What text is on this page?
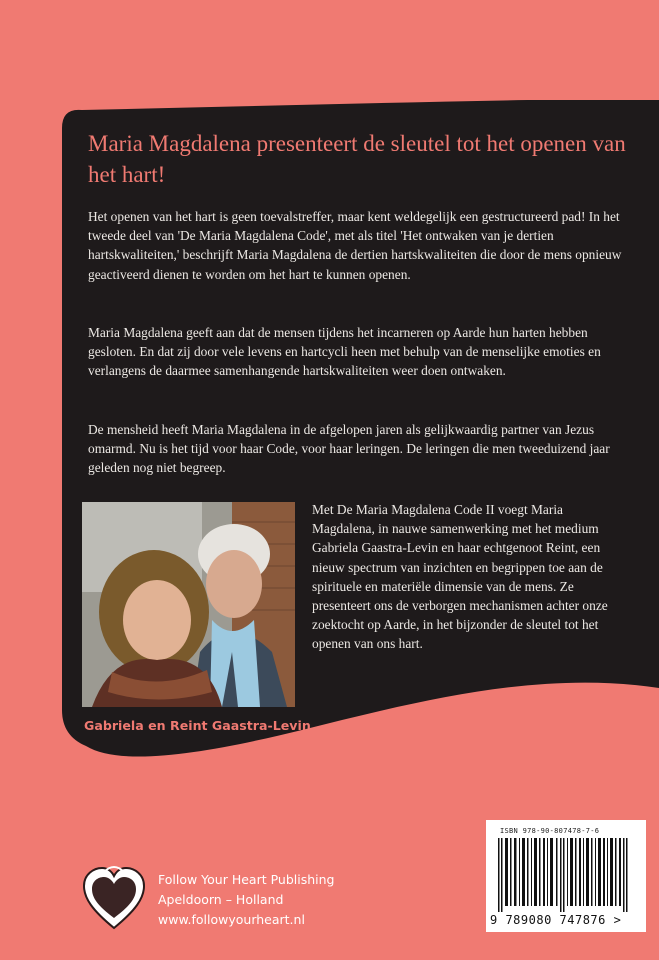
Maria Magdalena presenteert de sleutel tot het openen van het hart!

Het openen van het hart is geen toevalstreffer, maar kent weldegelijk een gestructureerd pad! In het tweede deel van 'De Maria Magdalena Code', met als titel 'Het ontwaken van je dertien hartskwaliteiten,' beschrijft Maria Magdalena de dertien hartskwaliteiten die door de mens opnieuw geactiveerd dienen te worden om het hart te kunnen openen.

Maria Magdalena geeft aan dat de mensen tijdens het incarneren op Aarde hun harten hebben gesloten. En dat zij door vele levens en hartcycli heen met behulp van de menselijke emoties en verlangens de daarmee samenhangende hartskwaliteiten weer doen ontwaken.

De mensheid heeft Maria Magdalena in de afgelopen jaren als gelijkwaardig partner van Jezus omarmd. Nu is het tijd voor haar Code, voor haar leringen. De leringen die men tweeduizend jaar geleden nog niet begreep.

Met De Maria Magdalena Code II voegt Maria Magdalena, in nauwe samenwerking met het medium Gabriela Gaastra-Levin en haar echtgenoot Reint, een nieuw spectrum van inzichten en begrippen toe aan de spirituele en materiële dimensie van de mens. Ze presenteert ons de verborgen mechanismen achter onze zoektocht op Aarde, in het bijzonder de sleutel tot het openen van ons hart.

Gabriela en Reint Gaastra-Levin
ISBN 978-90-807478-7-6
9 789080 747876 >
Follow Your Heart Publishing
Apeldoorn – Holland
www.followyourheart.nl
